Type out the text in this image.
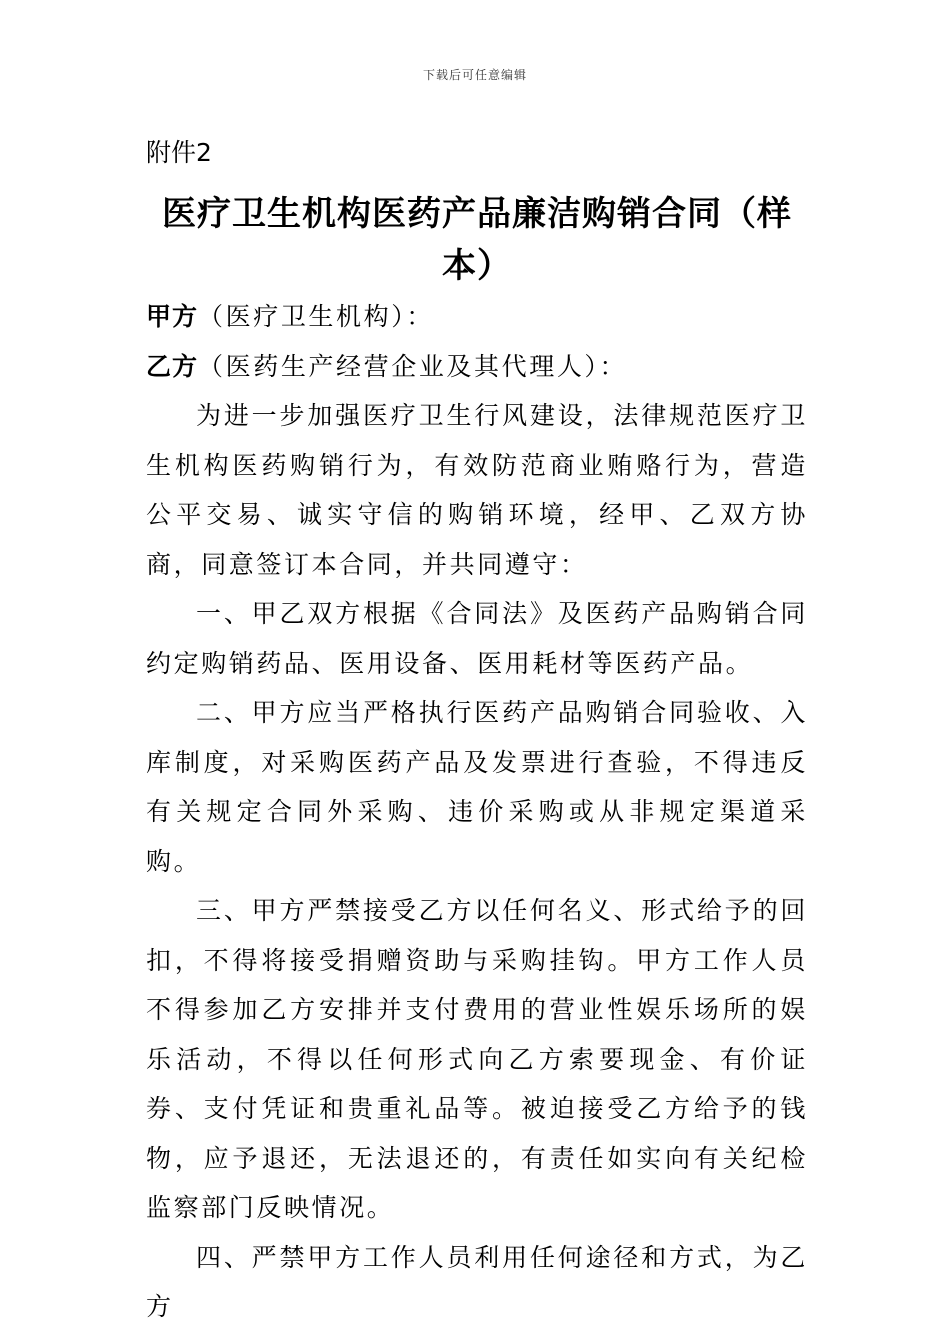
下载后可任意编辑
附件2
医疗卫生机构医药产品廉洁购销合同（样本）

甲方（医疗卫生机构）：

乙方（医药生产经营企业及其代理人）：

为进一步加强医疗卫生行风建设，法律规范医疗卫生机构医药购销行为，有效防范商业贿赂行为，营造公平交易、诚实守信的购销环境，经甲、乙双方协商，同意签订本合同，并共同遵守：

一、甲乙双方根据《合同法》及医药产品购销合同约定购销药品、医用设备、医用耗材等医药产品。

二、甲方应当严格执行医药产品购销合同验收、入库制度，对采购医药产品及发票进行查验，不得违反有关规定合同外采购、违价采购或从非规定渠道采购。

三、甲方严禁接受乙方以任何名义、形式给予的回扣，不得将接受捐赠资助与采购挂钩。甲方工作人员不得参加乙方安排并支付费用的营业性娱乐场所的娱乐活动，不得以任何形式向乙方索要现金、有价证券、支付凭证和贵重礼品等。被迫接受乙方给予的钱物，应予退还，无法退还的，有责任如实向有关纪检监察部门反映情况。

四、严禁甲方工作人员利用任何途径和方式，为乙方
